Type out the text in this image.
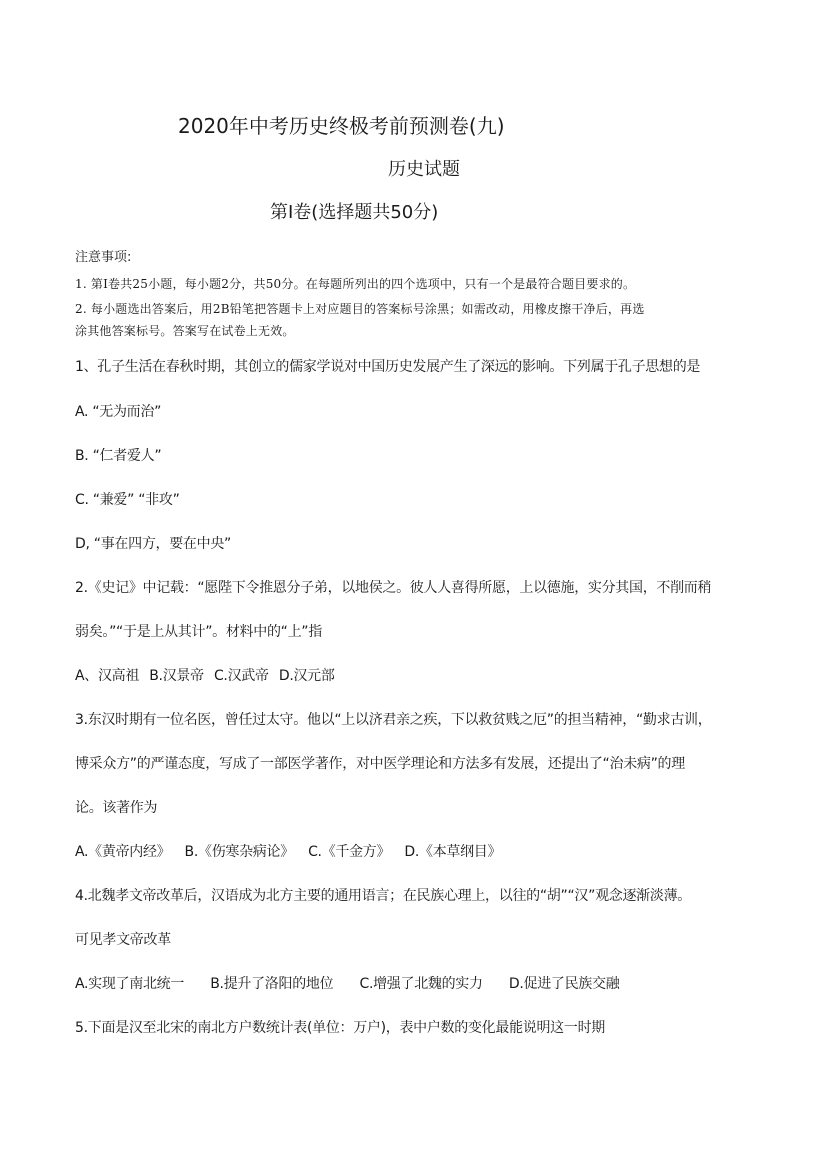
2020年中考历史终极考前预测卷(九)
历史试题
第Ⅰ卷(选择题共50分)
注意事项:
1. 第Ⅰ卷共25小题，每小题2分，共50分。在每题所列出的四个选项中，只有一个是最符合题目要求的。
2. 每小题选出答案后，用2B铅笔把答题卡上对应题目的答案标号涂黑；如需改动，用橡皮擦干净后，再选
涂其他答案标号。答案写在试卷上无效。
1、孔子生活在春秋时期，其创立的儒家学说对中国历史发展产生了深远的影响。下列属于孔子思想的是
A. “无为而治”
B. “仁者爱人”
C. “兼爱” “非攻”
D, “事在四方，要在中央”
2.《史记》中记载：“愿陛下令推恩分子弟，以地侯之。彼人人喜得所愿，上以德施，实分其国，不削而稍
弱矣。”“于是上从其计”。材料中的“上”指
A、汉高祖 B.汉景帝 C.汉武帝 D.汉元部
3.东汉时期有一位名医，曾任过太守。他以“上以济君亲之疾，下以救贫贱之厄”的担当精神，“勤求古训，
博采众方”的严谨态度，写成了一部医学著作，对中医学理论和方法多有发展，还提出了“治未病”的理
论。该著作为
A.《黄帝内经》 B.《伤寒杂病论》 C.《千金方》 D.《本草纲目》
4.北魏孝文帝改革后，汉语成为北方主要的通用语言；在民族心理上，以往的“胡”“汉”观念逐渐淡薄。
可见孝文帝改革
A.实现了南北统一 B.提升了洛阳的地位 C.增强了北魏的实力 D.促进了民族交融
5.下面是汉至北宋的南北方户数统计表(单位：万户)，表中户数的变化最能说明这一时期
